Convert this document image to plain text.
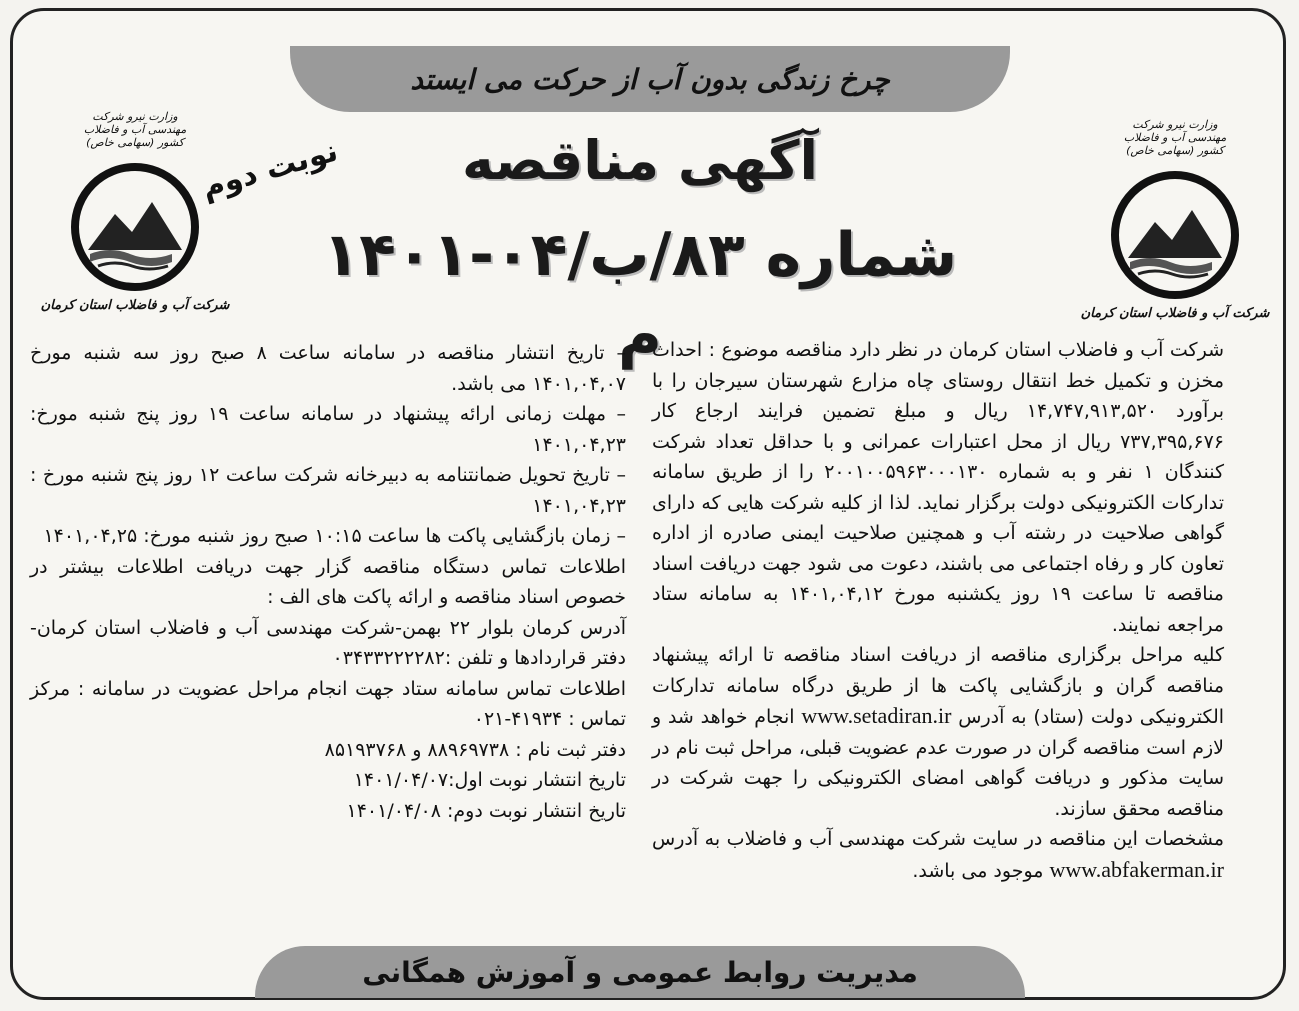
چرخ زندگی بدون آب از حرکت می ایستد
آگهی مناقصه
شماره ۸۳/ب/۰۴-۱۴۰۱ م
نوبت دوم
وزارت نیرو شرکت مهندسی آب و فاضلاب کشور (سهامی خاص)
شرکت آب و فاضلاب استان کرمان
وزارت نیرو شرکت مهندسی آب و فاضلاب کشور (سهامی خاص)
شرکت آب و فاضلاب استان کرمان

شرکت آب و فاضلاب استان کرمان در نظر دارد مناقصه موضوع : احداث مخزن و تکمیل خط انتقال روستای چاه مزارع شهرستان سیرجان را با برآورد ۱۴,۷۴۷,۹۱۳,۵۲۰ ریال و مبلغ تضمین فرایند ارجاع کار ۷۳۷,۳۹۵,۶۷۶ ریال از محل اعتبارات عمرانی و با حداقل تعداد شرکت کنندگان ۱ نفر و به شماره ۲۰۰۱۰۰۵۹۶۳۰۰۰۱۳۰ را از طریق سامانه تدارکات الکترونیکی دولت برگزار نماید. لذا از کلیه شرکت هایی که دارای گواهی صلاحیت در رشته آب و همچنین صلاحیت ایمنی صادره از اداره تعاون کار و رفاه اجتماعی می باشند، دعوت می شود جهت دریافت اسناد مناقصه تا ساعت ۱۹ روز یکشنبه مورخ ۱۴۰۱,۰۴,۱۲ به سامانه ستاد مراجعه نمایند.

کلیه مراحل برگزاری مناقصه از دریافت اسناد مناقصه تا ارائه پیشنهاد مناقصه گران و بازگشایی پاکت ها از طریق درگاه سامانه تدارکات الکترونیکی دولت (ستاد) به آدرس www.setadiran.ir انجام خواهد شد و لازم است مناقصه گران در صورت عدم عضویت قبلی، مراحل ثبت نام در سایت مذکور و دریافت گواهی امضای الکترونیکی را جهت شرکت در مناقصه محقق سازند.

مشخصات این مناقصه در سایت شرکت مهندسی آب و فاضلاب به آدرس www.abfakerman.ir موجود می باشد.

– تاریخ انتشار مناقصه در سامانه ساعت ۸ صبح روز سه شنبه مورخ ۱۴۰۱,۰۴,۰۷ می باشد.

– مهلت زمانی ارائه پیشنهاد در سامانه ساعت ۱۹ روز پنج شنبه مورخ: ۱۴۰۱,۰۴,۲۳

– تاریخ تحویل ضمانتنامه به دبیرخانه شرکت ساعت ۱۲ روز پنج شنبه مورخ : ۱۴۰۱,۰۴,۲۳

– زمان بازگشایی پاکت ها ساعت ۱۰:۱۵ صبح روز شنبه مورخ: ۱۴۰۱,۰۴,۲۵

اطلاعات تماس دستگاه مناقصه گزار جهت دریافت اطلاعات بیشتر در خصوص اسناد مناقصه و ارائه پاکت های الف :

آدرس کرمان بلوار ۲۲ بهمن-شرکت مهندسی آب و فاضلاب استان کرمان-دفتر قراردادها و تلفن :۰۳۴۳۳۲۲۲۲۸۲

اطلاعات تماس سامانه ستاد جهت انجام مراحل عضویت در سامانه : مرکز تماس : ۴۱۹۳۴-۰۲۱

دفتر ثبت نام : ۸۸۹۶۹۷۳۸ و ۸۵۱۹۳۷۶۸

تاریخ انتشار نوبت اول:۱۴۰۱/۰۴/۰۷

تاریخ انتشار نوبت دوم: ۱۴۰۱/۰۴/۰۸

مدیریت روابط عمومی و آموزش همگانی
